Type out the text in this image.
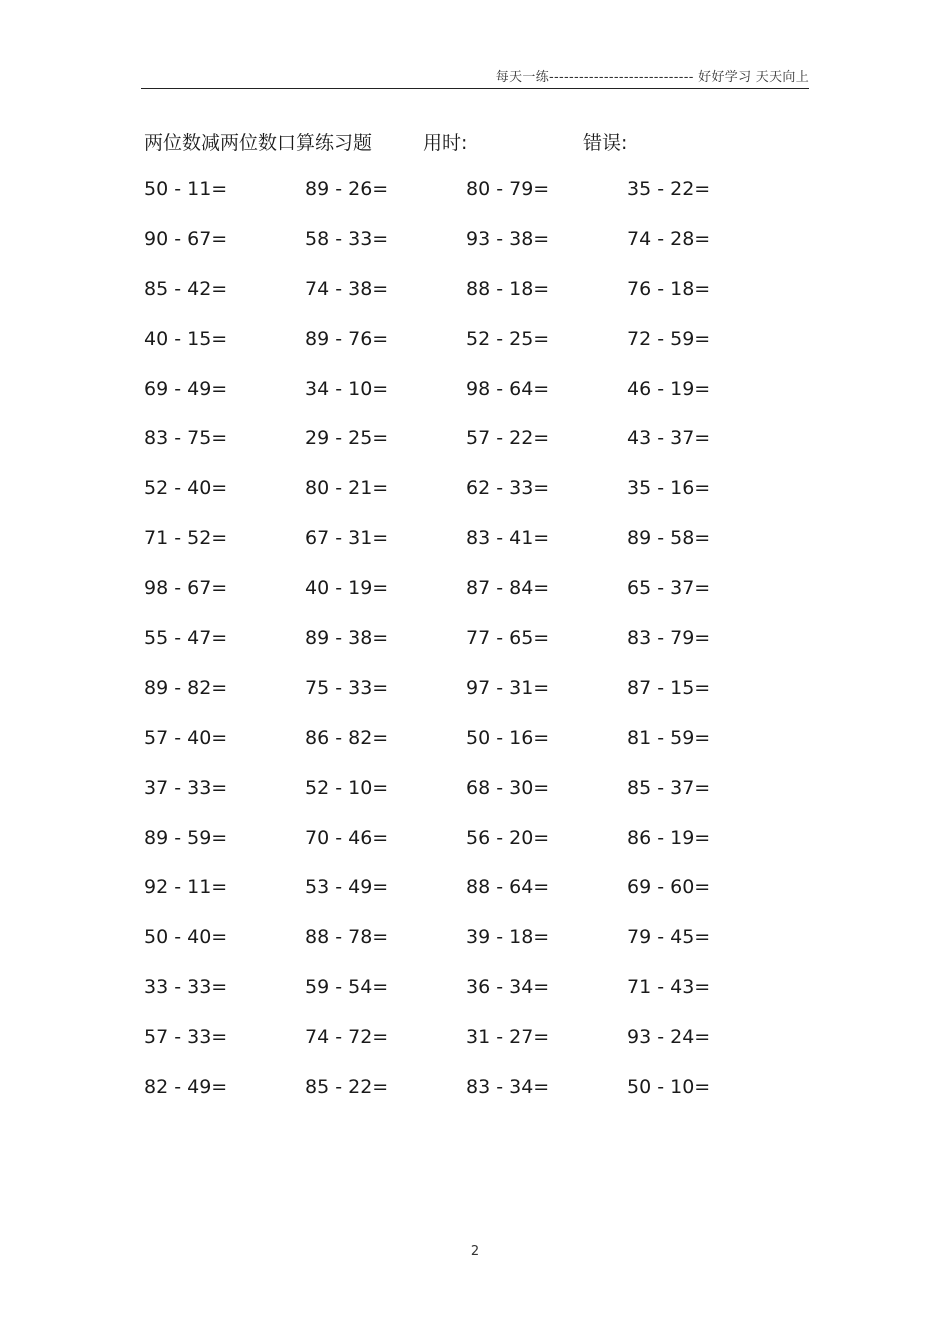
每天一练----------------------------- 好好学习 天天向上
两位数减两位数口算练习题	用时:	错误:
50 - 11=	89 - 26=	80 - 79=	35 - 22=
90 - 67=	58 - 33=	93 - 38=	74 - 28=
85 - 42=	74 - 38=	88 - 18=	76 - 18=
40 - 15=	89 - 76=	52 - 25=	72 - 59=
69 - 49=	34 - 10=	98 - 64=	46 - 19=
83 - 75=	29 - 25=	57 - 22=	43 - 37=
52 - 40=	80 - 21=	62 - 33=	35 - 16=
71 - 52=	67 - 31=	83 - 41=	89 - 58=
98 - 67=	40 - 19=	87 - 84=	65 - 37=
55 - 47=	89 - 38=	77 - 65=	83 - 79=
89 - 82=	75 - 33=	97 - 31=	87 - 15=
57 - 40=	86 - 82=	50 - 16=	81 - 59=
37 - 33=	52 - 10=	68 - 30=	85 - 37=
89 - 59=	70 - 46=	56 - 20=	86 - 19=
92 - 11=	53 - 49=	88 - 64=	69 - 60=
50 - 40=	88 - 78=	39 - 18=	79 - 45=
33 - 33=	59 - 54=	36 - 34=	71 - 43=
57 - 33=	74 - 72=	31 - 27=	93 - 24=
82 - 49=	85 - 22=	83 - 34=	50 - 10=
2
